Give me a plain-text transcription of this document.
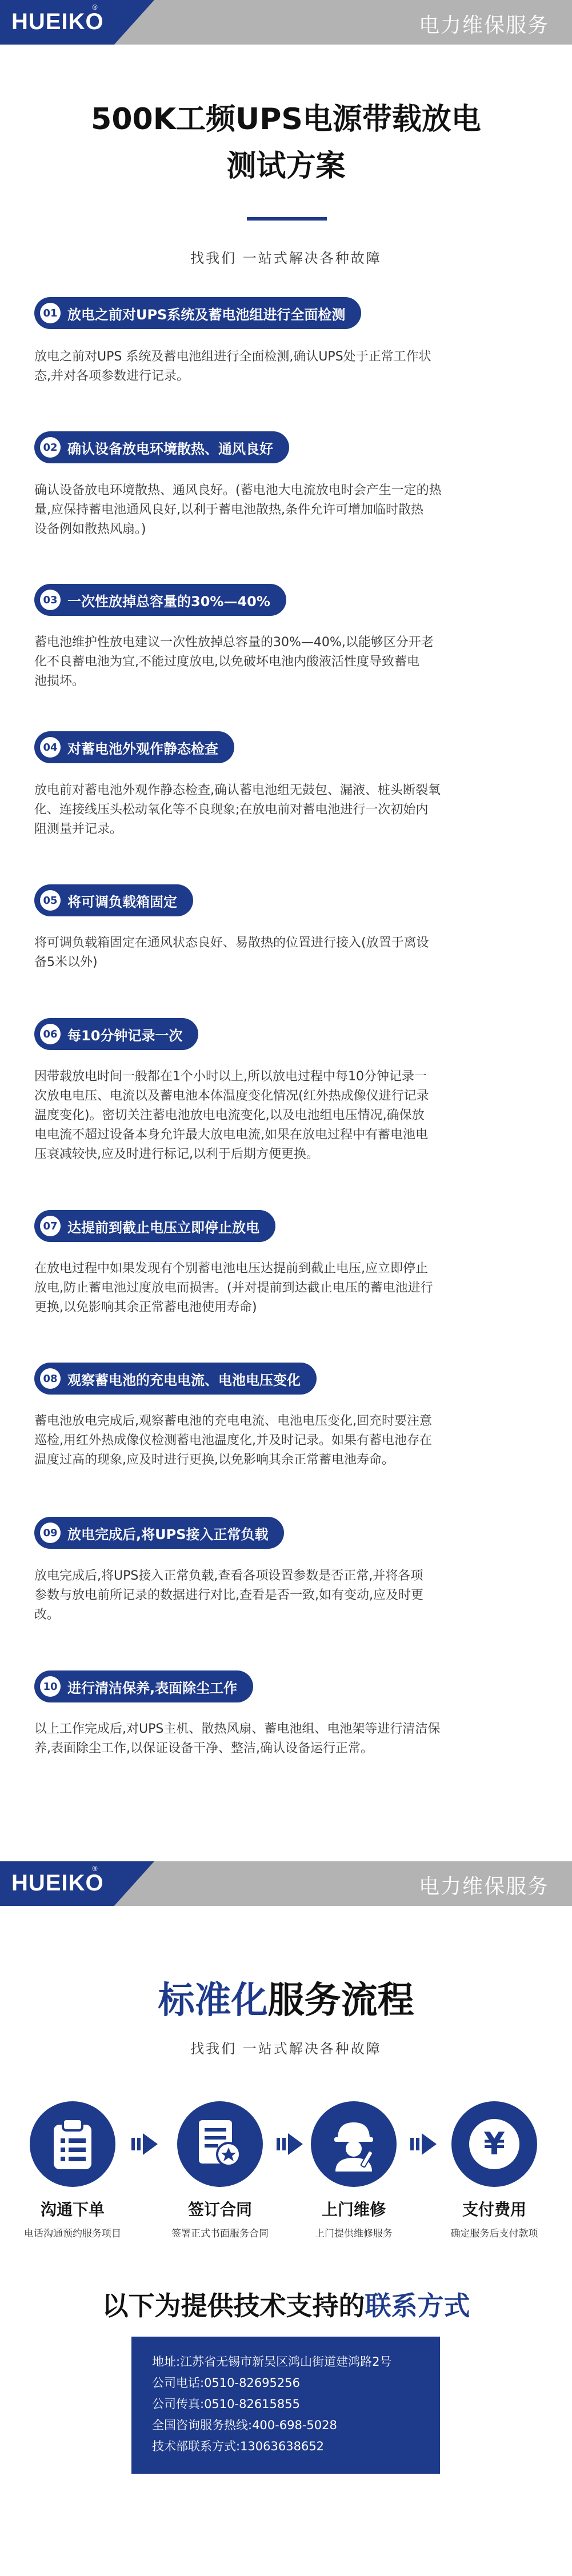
HUEIKO
®
电力维保服务
500K工频UPS电源带载放电
测试方案
找我们 一站式解决各种故障
01 放电之前对UPS系统及蓄电池组进行全面检测
放电之前对UPS 系统及蓄电池组进行全面检测,确认UPS处于正常工作状
态,并对各项参数进行记录。
02 确认设备放电环境散热、通风良好
确认设备放电环境散热、通风良好。(蓄电池大电流放电时会产生一定的热
量,应保持蓄电池通风良好,以利于蓄电池散热,条件允许可增加临时散热
设备例如散热风扇。)
03 一次性放掉总容量的30%—40%
蓄电池维护性放电建议一次性放掉总容量的30%—40%,以能够区分开老
化不良蓄电池为宜,不能过度放电,以免破坏电池内酸液活性度导致蓄电
池损坏。
04 对蓄电池外观作静态检查
放电前对蓄电池外观作静态检查,确认蓄电池组无鼓包、漏液、桩头断裂氧
化、连接线压头松动氧化等不良现象;在放电前对蓄电池进行一次初始内
阻测量并记录。
05 将可调负载箱固定
将可调负载箱固定在通风状态良好、易散热的位置进行接入(放置于离设
备5米以外)
06 每10分钟记录一次
因带载放电时间一般都在1个小时以上,所以放电过程中每10分钟记录一
次放电电压、电流以及蓄电池本体温度变化情况(红外热成像仪进行记录
温度变化)。密切关注蓄电池放电电流变化,以及电池组电压情况,确保放
电电流不超过设备本身允许最大放电电流,如果在放电过程中有蓄电池电
压衰减较快,应及时进行标记,以利于后期方便更换。
07 达提前到截止电压立即停止放电
在放电过程中如果发现有个别蓄电池电压达提前到截止电压,应立即停止
放电,防止蓄电池过度放电而损害。(并对提前到达截止电压的蓄电池进行
更换,以免影响其余正常蓄电池使用寿命)
08 观察蓄电池的充电电流、电池电压变化
蓄电池放电完成后,观察蓄电池的充电电流、电池电压变化,回充时要注意
巡检,用红外热成像仪检测蓄电池温度化,并及时记录。如果有蓄电池存在
温度过高的现象,应及时进行更换,以免影响其余正常蓄电池寿命。
09 放电完成后,将UPS接入正常负载
放电完成后,将UPS接入正常负载,查看各项设置参数是否正常,并将各项
参数与放电前所记录的数据进行对比,查看是否一致,如有变动,应及时更
改。
10 进行清洁保养,表面除尘工作
以上工作完成后,对UPS主机、散热风扇、蓄电池组、电池架等进行清洁保
养,表面除尘工作,以保证设备干净、整洁,确认设备运行正常。
HUEIKO
®
电力维保服务
标准化服务流程
找我们 一站式解决各种故障
¥
沟通下单	签订合同	上门维修	支付费用
电话沟通预约服务项目	签署正式书面服务合同	上门提供维修服务	确定服务后支付款项
以下为提供技术支持的联系方式
地址:江苏省无锡市新吴区鸿山街道建鸿路2号
公司电话:0510-82695256
公司传真:0510-82615855
全国咨询服务热线:400-698-5028
技术部联系方式:13063638652
